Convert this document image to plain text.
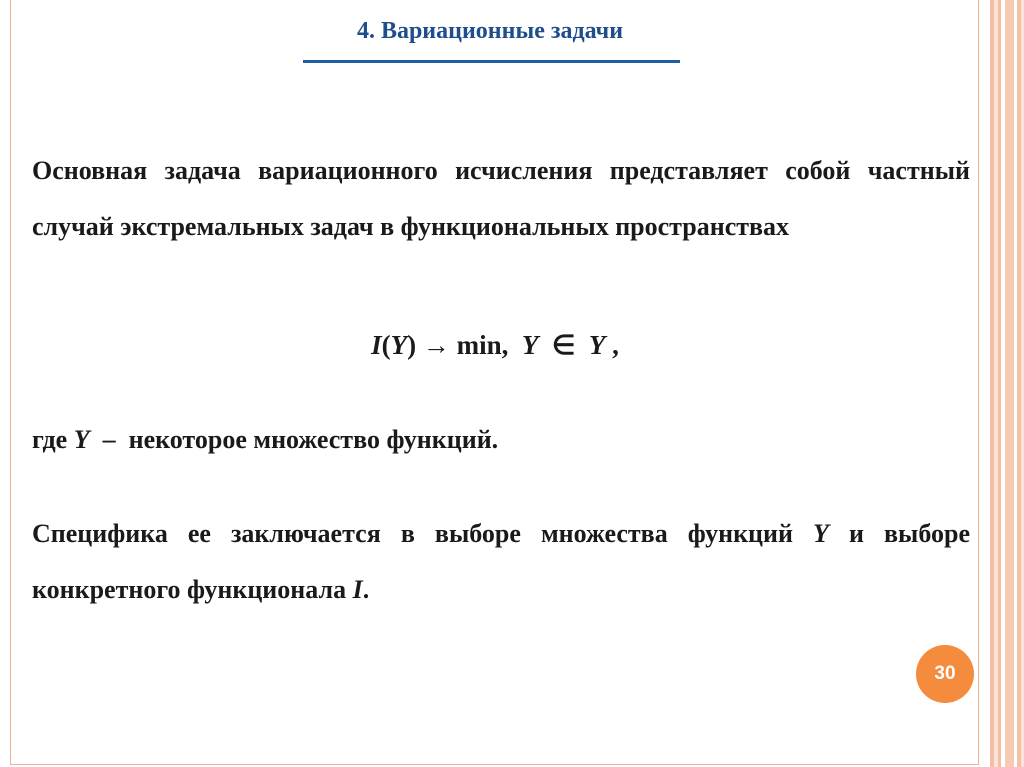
4. Вариационные задачи

Основная задача вариационного исчисления представляет собой частный случай экстремальных задач в функциональных пространствах

I(Y) → min, Y ∈ Y ,

где Y – некоторое множество функций.

Специфика ее заключается в выборе множества функций Y и выборе конкретного функционала I.

30
